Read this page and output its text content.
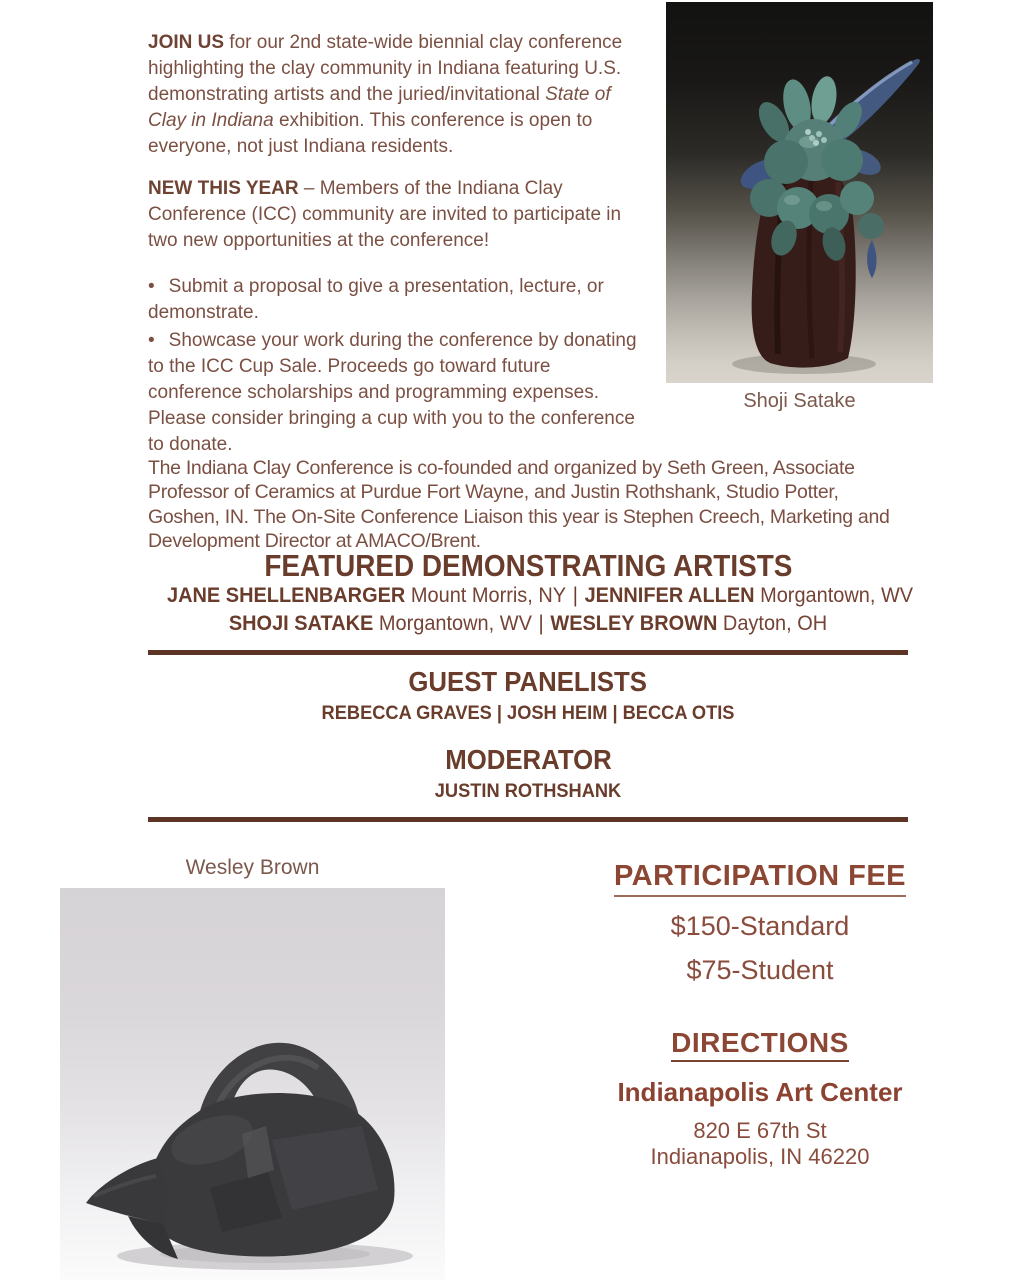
JOIN US for our 2nd state-wide biennial clay conference highlighting the clay community in Indiana featuring U.S. demonstrating artists and the juried/invitational State of Clay in Indiana exhibition. This conference is open to everyone, not just Indiana residents.

NEW THIS YEAR – Members of the Indiana Clay Conference (ICC) community are invited to participate in two new opportunities at the conference!

• Submit a proposal to give a presentation, lecture, or demonstrate.
• Showcase your work during the conference by donating to the ICC Cup Sale. Proceeds go toward future conference scholarships and programming expenses. Please consider bringing a cup with you to the conference to donate.

The Indiana Clay Conference is co-founded and organized by Seth Green, Associate Professor of Ceramics at Purdue Fort Wayne, and Justin Rothshank, Studio Potter, Goshen, IN. The On-Site Conference Liaison this year is Stephen Creech, Marketing and Development Director at AMACO/Brent.

Shoji Satake
FEATURED DEMONSTRATING ARTISTS
JANE SHELLENBARGER Mount Morris, NY | JENNIFER ALLEN Morgantown, WV
SHOJI SATAKE Morgantown, WV | WESLEY BROWN Dayton, OH
GUEST PANELISTS
REBECCA GRAVES | JOSH HEIM | BECCA OTIS
MODERATOR
JUSTIN ROTHSHANK
Wesley Brown	PARTICIPATION FEE
$150-Standard
$75-Student
DIRECTIONS
Indianapolis Art Center
820 E 67th St
Indianapolis, IN 46220
